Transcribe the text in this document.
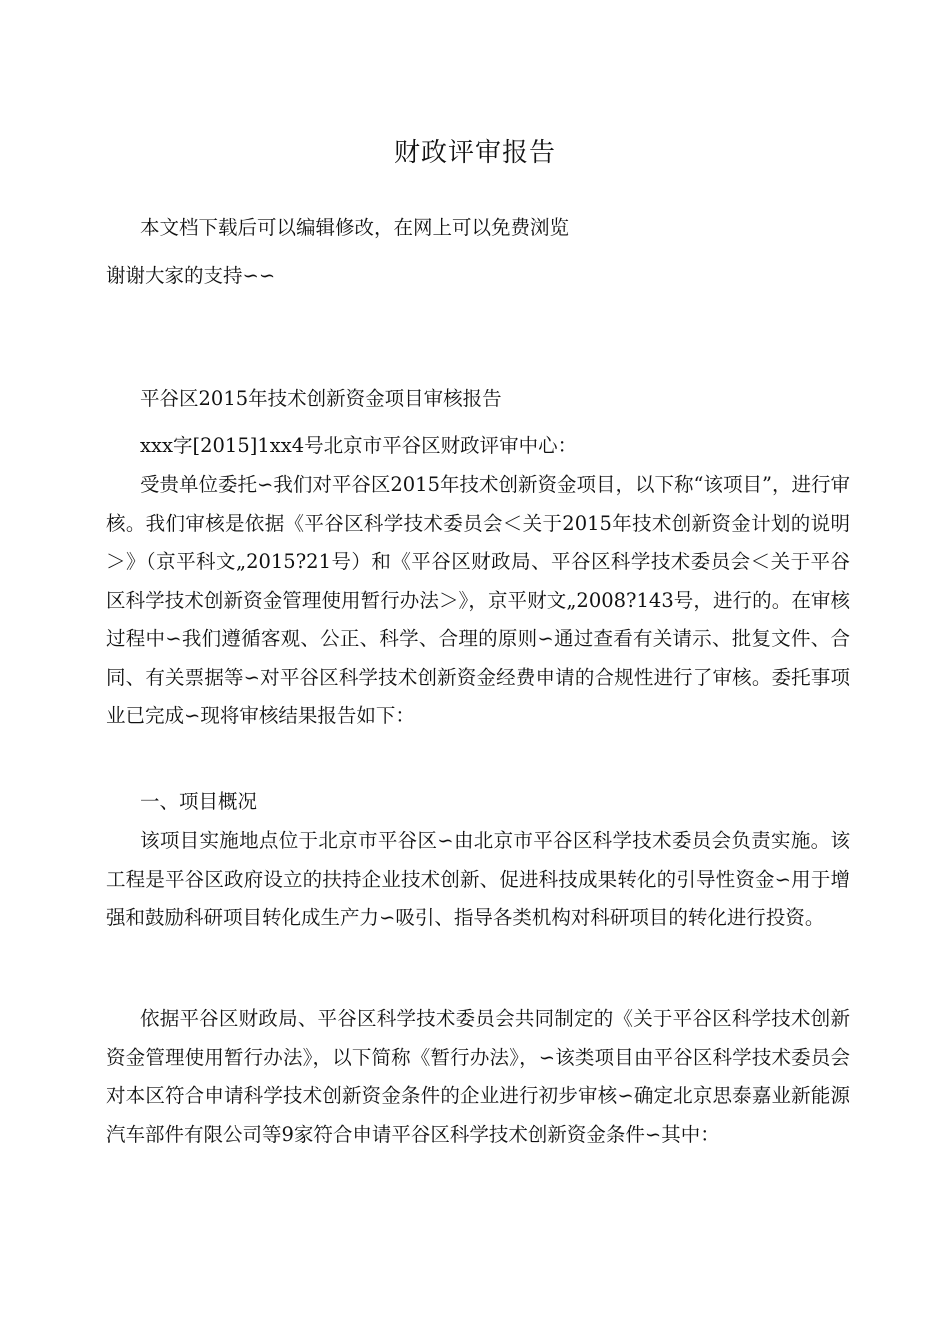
财政评审报告
本文档下载后可以编辑修改，在网上可以免费浏览
谢谢大家的支持∽∽
平谷区2015年技术创新资金项目审核报告
xxx字[2015]1xx4号北京市平谷区财政评审中心：

受贵单位委托∽我们对平谷区2015年技术创新资金项目，以下称“该项目”，进行审核。我们审核是依据《平谷区科学技术委员会＜关于2015年技术创新资金计划的说明＞》（京平科文„2015?21号）和《平谷区财政局、平谷区科学技术委员会＜关于平谷区科学技术创新资金管理使用暂行办法＞》，京平财文„2008?143号，进行的。在审核过程中∽我们遵循客观、公正、科学、合理的原则∽通过查看有关请示、批复文件、合同、有关票据等∽对平谷区科学技术创新资金经费申请的合规性进行了审核。委托事项业已完成∽现将审核结果报告如下：

一、项目概况

该项目实施地点位于北京市平谷区∽由北京市平谷区科学技术委员会负责实施。该工程是平谷区政府设立的扶持企业技术创新、促进科技成果转化的引导性资金∽用于增强和鼓励科研项目转化成生产力∽吸引、指导各类机构对科研项目的转化进行投资。

依据平谷区财政局、平谷区科学技术委员会共同制定的《关于平谷区科学技术创新资金管理使用暂行办法》，以下简称《暂行办法》，∽该类项目由平谷区科学技术委员会对本区符合申请科学技术创新资金条件的企业进行初步审核∽确定北京思泰嘉业新能源汽车部件有限公司等9家符合申请平谷区科学技术创新资金条件∽其中：
